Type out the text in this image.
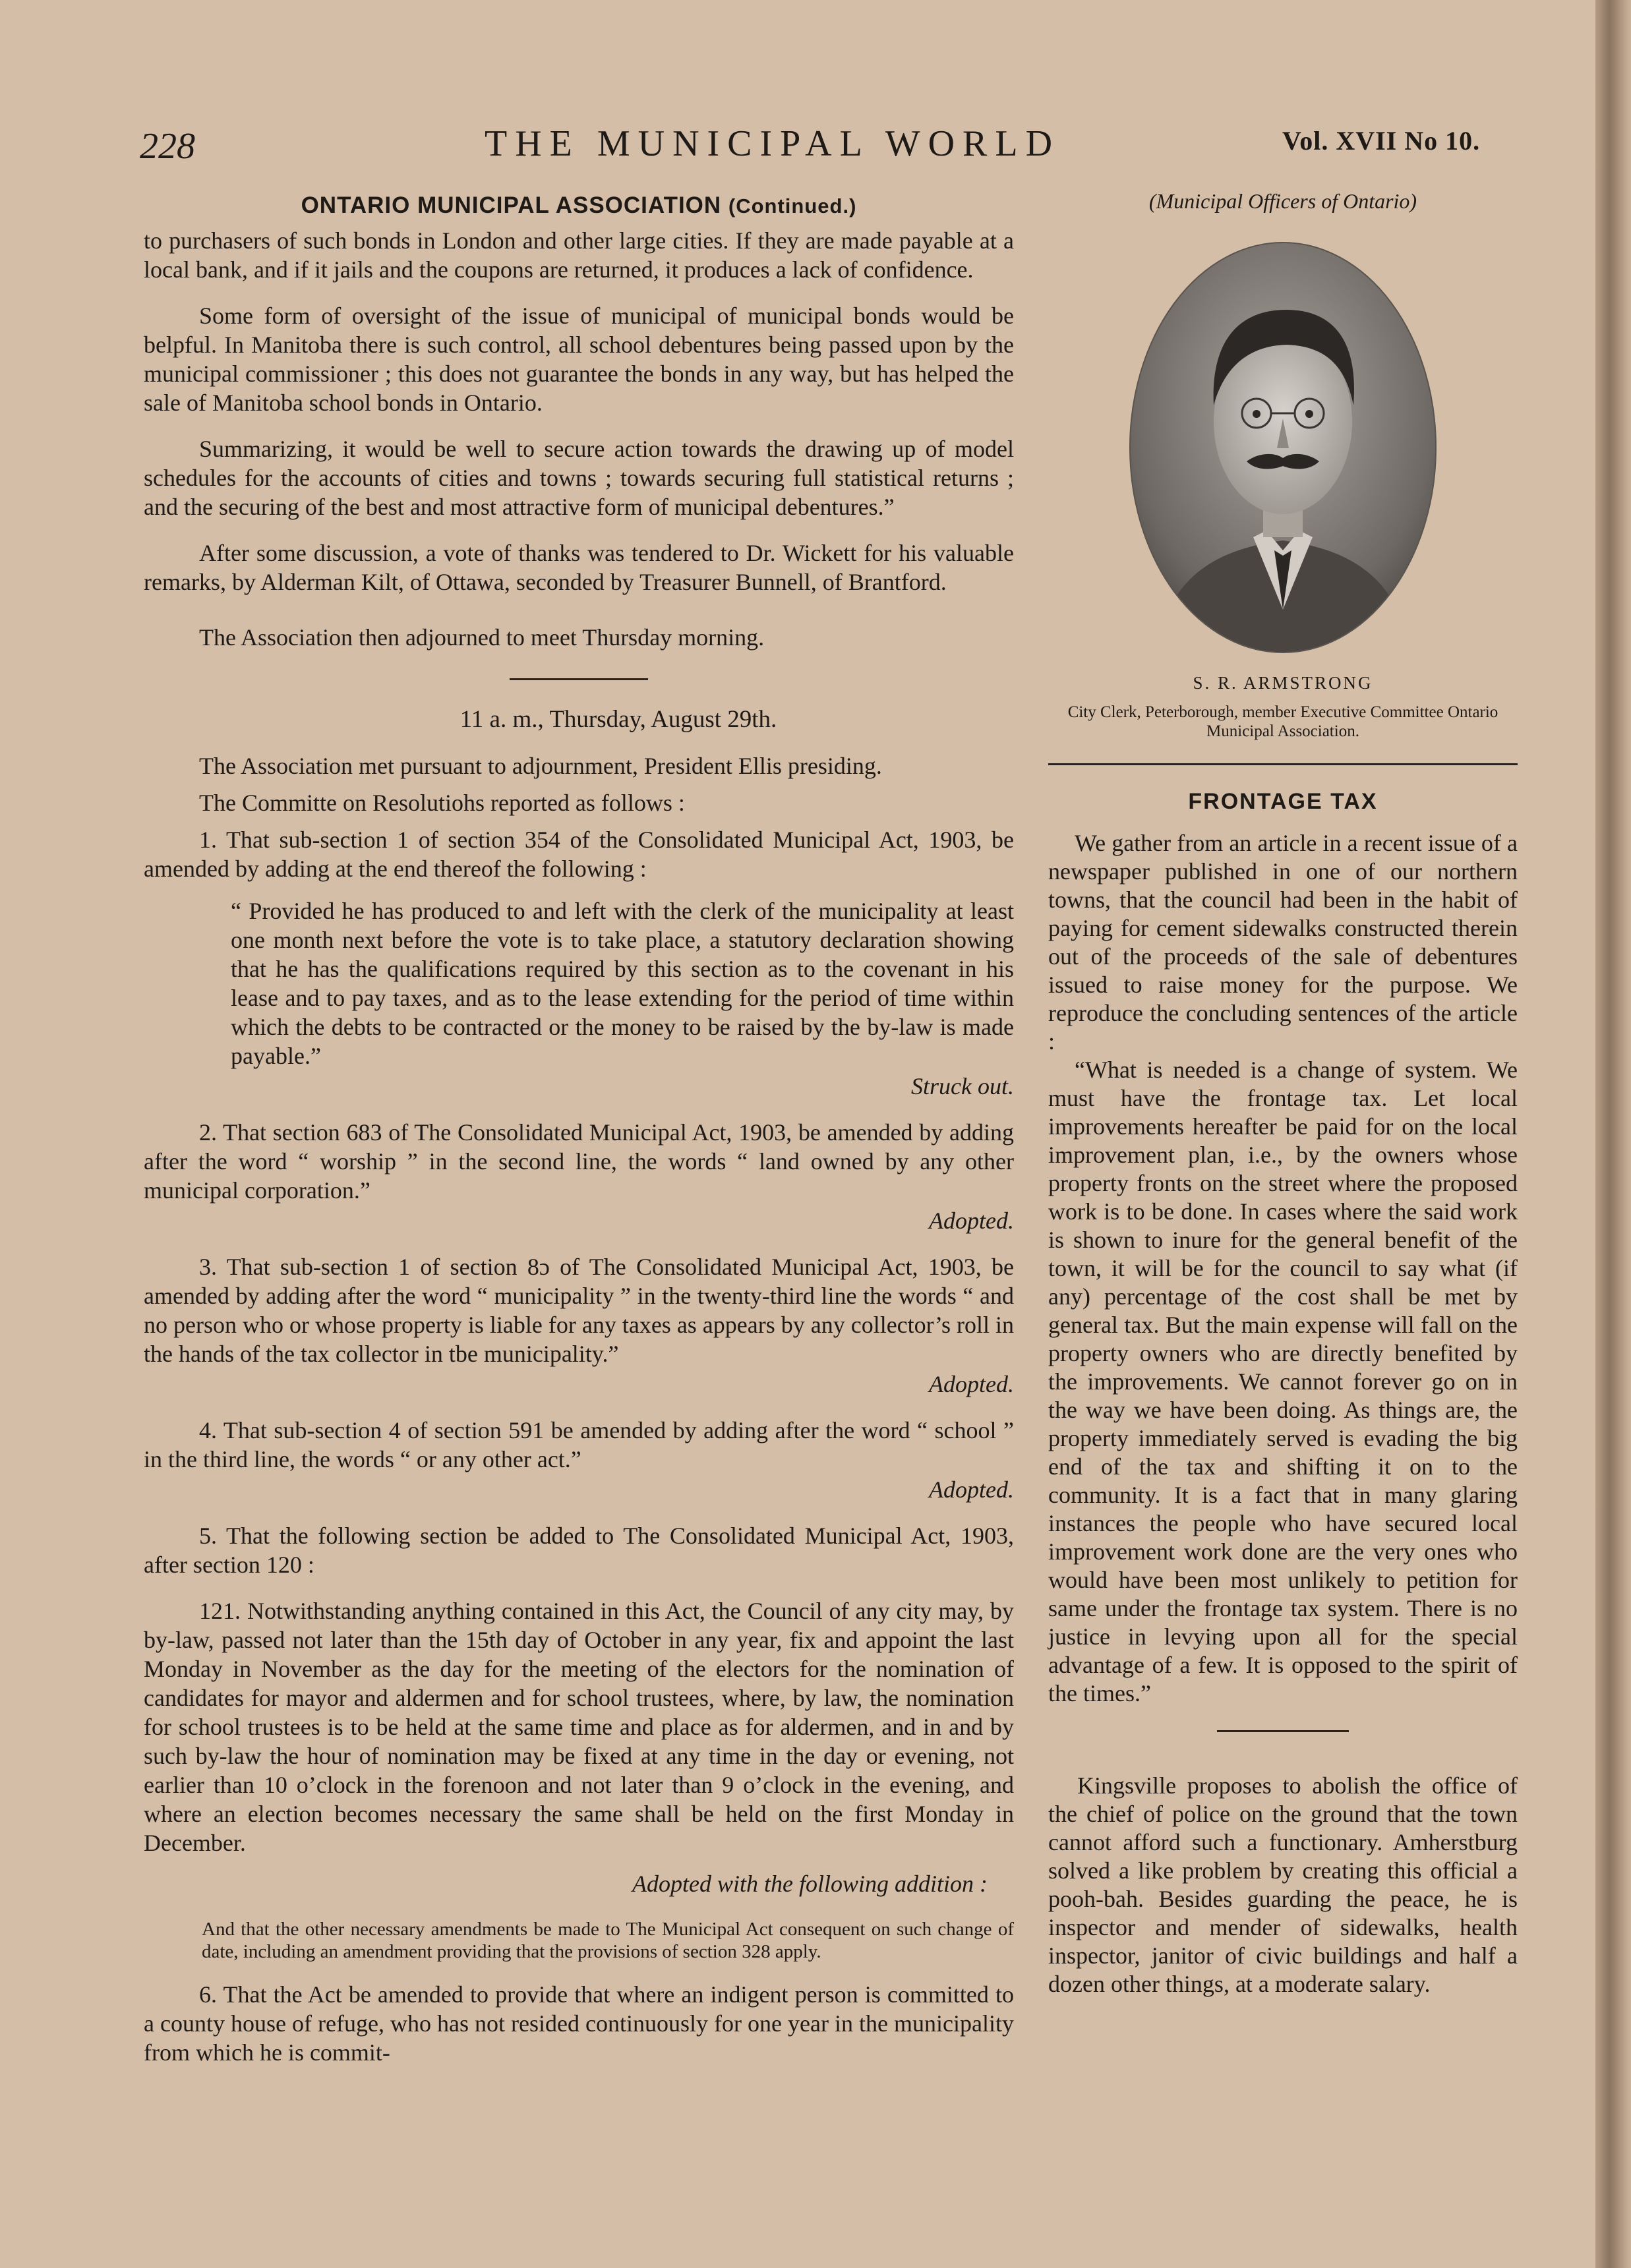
228	THE MUNICIPAL WORLD	Vol. XVII No 10.
ONTARIO MUNICIPAL ASSOCIATION (Continued.)

to purchasers of such bonds in London and other large cities. If they are made payable at a local bank, and if it jails and the coupons are returned, it produces a lack of confidence.

Some form of oversight of the issue of municipal of municipal bonds would be belpful. In Manitoba there is such control, all school debentures being passed upon by the municipal commissioner ; this does not guarantee the bonds in any way, but has helped the sale of Manitoba school bonds in Ontario.

Summarizing, it would be well to secure action towards the drawing up of model schedules for the accounts of cities and towns ; towards securing full statistical returns ; and the securing of the best and most attractive form of municipal debentures.”

After some discussion, a vote of thanks was tendered to Dr. Wickett for his valuable remarks, by Alderman Kilt, of Ottawa, seconded by Treasurer Bunnell, of Brantford.

The Association then adjourned to meet Thursday morning.

11 a. m., Thursday, August 29th.

The Association met pursuant to adjournment, President Ellis presiding.

The Committe on Resolutiohs reported as follows :

1. That sub-section 1 of section 354 of the Consolidated Municipal Act, 1903, be amended by adding at the end thereof the following :

“ Provided he has produced to and left with the clerk of the municipality at least one month next before the vote is to take place, a statutory declaration showing that he has the qualifications required by this section as to the covenant in his lease and to pay taxes, and as to the lease extending for the period of time within which the debts to be contracted or the money to be raised by the by-law is made payable.”

Struck out.

2. That section 683 of The Consolidated Municipal Act, 1903, be amended by adding after the word “ worship ” in the second line, the words “ land owned by any other municipal corporation.”

Adopted.

3. That sub-section 1 of section 8ɔ of The Consolidated Municipal Act, 1903, be amended by adding after the word “ municipality ” in the twenty-third line the words “ and no person who or whose property is liable for any taxes as appears by any collector’s roll in the hands of the tax collector in tbe municipality.”

Adopted.

4. That sub-section 4 of section 591 be amended by adding after the word “ school ” in the third line, the words “ or any other act.”

Adopted.

5. That the following section be added to The Consolidated Municipal Act, 1903, after section 120 :

121. Notwithstanding anything contained in this Act, the Council of any city may, by by-law, passed not later than the 15th day of October in any year, fix and appoint the last Monday in November as the day for the meeting of the electors for the nomination of candidates for mayor and aldermen and for school trustees, where, by law, the nomination for school trustees is to be held at the same time and place as for aldermen, and in and by such by-law the hour of nomination may be fixed at any time in the day or evening, not earlier than 10 o’clock in the forenoon and not later than 9 o’clock in the evening, and where an election becomes necessary the same shall be held on the first Monday in December.

Adopted with the following addition :

And that the other necessary amendments be made to The Municipal Act consequent on such change of date, including an amendment providing that the provisions of section 328 apply.

6. That the Act be amended to provide that where an indigent person is committed to a county house of refuge, who has not resided continuously for one year in the municipality from which he is commit-

(Municipal Officers of Ontario)

S. R. ARMSTRONG

City Clerk, Peterborough, member Executive Committee Ontario Municipal Association.

FRONTAGE TAX

We gather from an article in a recent issue of a newspaper published in one of our northern towns, that the council had been in the habit of paying for cement sidewalks constructed therein out of the proceeds of the sale of debentures issued to raise money for the purpose. We reproduce the concluding sentences of the article :

“What is needed is a change of system. We must have the frontage tax. Let local improvements hereafter be paid for on the local improvement plan, i.e., by the owners whose property fronts on the street where the proposed work is to be done. In cases where the said work is shown to inure for the general benefit of the town, it will be for the council to say what (if any) percentage of the cost shall be met by general tax. But the main expense will fall on the property owners who are directly benefited by the improvements. We cannot forever go on in the way we have been doing. As things are, the property immediately served is evading the big end of the tax and shifting it on to the community. It is a fact that in many glaring instances the people who have secured local improvement work done are the very ones who would have been most unlikely to petition for same under the frontage tax system. There is no justice in levying upon all for the special advantage of a few. It is opposed to the spirit of the times.”

Kingsville proposes to abolish the office of the chief of police on the ground that the town cannot afford such a functionary. Amherstburg solved a like problem by creating this official a pooh-bah. Besides guarding the peace, he is inspector and mender of sidewalks, health inspector, janitor of civic buildings and half a dozen other things, at a moderate salary.
